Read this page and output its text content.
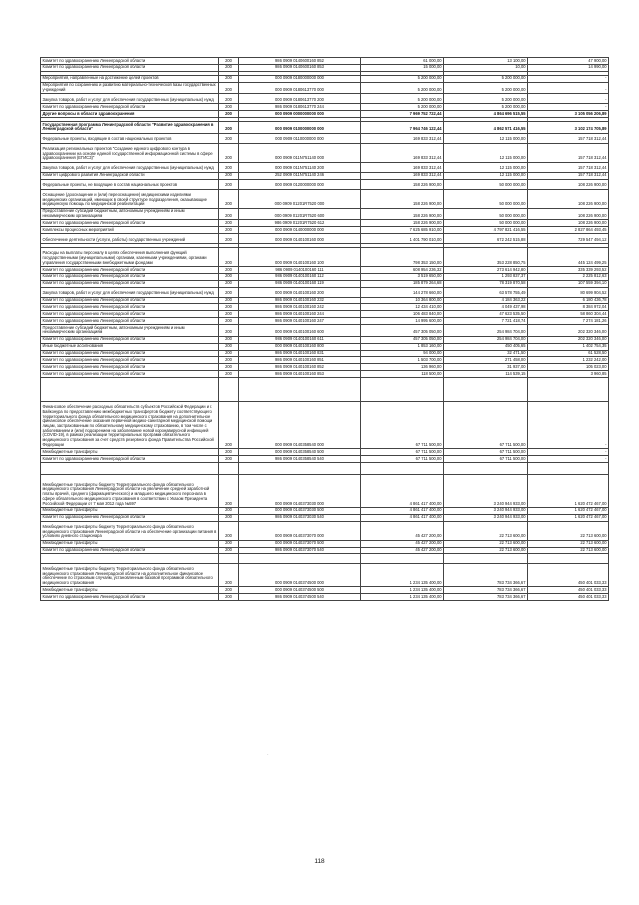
Комитет по здравоохранению Ленинградской области	200	986 0909 0140600160 852	61 000,00	13 100,00	47 900,00
Комитет по здравоохранению Ленинградской области	200	986 0909 0140600160 853	15 000,00	10,00	14 990,00

Мероприятия, направленные на достижение целей проектов	200	000 0909 0180000000 000	5 200 000,00	5 200 000,00	-
Мероприятия по сохранению и развитию материально-технической базы государственных учреждений	200	000 0909 0180613770 000	5 200 000,00	5 200 000,00	-
Закупка товаров, работ и услуг для обеспечения государственных (муниципальных) нужд	200	000 0909 0180613770 200	5 200 000,00	5 200 000,00	-
Комитет по здравоохранению Ленинградской области	200	986 0909 0180613770 244	5 200 000,00	5 200 000,00	-
Другие вопросы в области здравоохранения	200	000 0909 0000000000 000	7 969 752 722,44	4 864 696 515,55	3 105 056 206,89

Государственная программа Ленинградской области "Развитие здравоохранения в Ленинградской области"	200	000 0909 0100000000 000	7 964 746 122,44	4 862 571 416,55	3 102 174 705,89
Федеральные проекты, входящие в состав национальных проектов	200	000 0909 0110000000 000	169 833 312,44	12 115 000,00	157 718 312,44
Реализация региональных проектов "Создание единого цифрового контура в здравоохранении на основе единой государственной информационной системы в сфере здравоохранения (ЕГИСЗ)"	200	000 0909 011N751140 000	169 833 312,44	12 115 000,00	157 718 312,44
Закупка товаров, работ и услуг для обеспечения государственных (муниципальных) нужд	200	000 0909 011N751140 200	169 833 312,44	12 115 000,00	157 718 312,44
Комитет цифрового развития Ленинградской области	200	252 0909 011N751140 246	169 833 312,44	12 115 000,00	157 718 312,44
Федеральные проекты, не входящие в состав национальных проектов	200	000 0909 0120000000 000	158 226 900,00	50 000 000,00	108 226 900,00
Оснащение (дооснащение и (или) переоснащение) медицинскими изделиями медицинских организаций, имеющих в своей структуре подразделения, оказывающие медицинскую помощь по медицинской реабилитации	200	000 0909 01201R7520 000	158 226 900,00	50 000 000,00	108 226 900,00
Предоставление субсидий бюджетным, автономным учреждениям и иным некоммерческим организациям	200	000 0909 01201R7520 600	158 226 900,00	50 000 000,00	108 226 900,00
Комитет по здравоохранению Ленинградской области	200	986 0909 01201R7520 612	158 226 900,00	50 000 000,00	108 226 900,00
Комплексы процессных мероприятий	200	000 0909 0140000000 000	7 625 685 910,00	4 797 821 416,55	2 827 864 493,45
Обеспечение деятельности (услуги, работы) государственных учреждений	200	000 0909 0140100160 000	1 401 790 010,00	672 242 515,88	729 547 494,12

Расходы на выплаты персоналу в целях обеспечения выполнения функций государственными (муниципальными) органами, казенными учреждениями, органами управления государственными внебюджетными фондами	200	000 0909 0140100160 100	798 353 150,00	353 228 850,75	445 124 499,25
Комитет по здравоохранению Ленинградской области	200	986 0909 0140100160 111	608 954 236,32	273 614 942,80	335 339 293,52
Комитет по здравоохранению Ленинградской области	200	986 0909 0140100160 112	3 519 650,00	1 293 837,37	2 225 812,63
Комитет по здравоохранению Ленинградской области	200	986 0909 0140100160 119	185 879 264,68	78 319 870,58	107 559 394,10
Закупка товаров, работ и услуг для обеспечения государственных (муниципальных) нужд	200	000 0909 0140100160 200	144 278 660,00	63 578 755,49	80 699 904,52
Комитет по здравоохранению Ленинградской области	200	986 0909 0140100160 232	10 364 800,00	4 184 363,22	6 180 436,78
Комитет по здравоохранению Ленинградской области	200	986 0909 0140100160 242	12 434 410,00	4 049 437,98	8 384 972,04
Комитет по здравоохранению Ленинградской области	200	986 0909 0140100160 244	106 483 840,00	47 623 535,50	58 860 304,44
Комитет по здравоохранению Ленинградской области	200	986 0909 0140100160 247	14 995 600,00	7 721 418,74	7 274 181,26
Предоставление субсидий бюджетным, автономным учреждениям и иным некоммерческим организациям	200	000 0909 0140100160 600	457 305 050,00	254 984 704,00	202 320 346,00
Комитет по здравоохранению Ленинградской области	200	986 0909 0140100160 611	457 305 050,00	254 984 704,00	202 320 346,00
Иные бюджетные ассигнования	200	000 0909 0140100160 800	1 853 160,00	450 405,65	1 402 754,35
Комитет по здравоохранению Ленинградской области	200	986 0909 0140100160 831	94 000,00	32 471,50	61 528,50
Комитет по здравоохранению Ленинградской области	200	986 0909 0140100160 851	1 503 700,00	271 458,00	1 232 242,00
Комитет по здравоохранению Ленинградской области	200	986 0909 0140100160 852	136 960,00	31 937,00	105 023,00
Комитет по здравоохранению Ленинградской области	200	986 0909 0140100160 853	118 500,00	114 539,15	3 960,85

Финансовое обеспечение расходных обязательств субъектов Российской Федерации и г. Байконура по предоставлению межбюджетных трансфертов бюджету соответствующего территориального фонда обязательного медицинского страхования на дополнительное финансовое обеспечение оказания первичной медико-санитарной медицинской помощи лицам, застрахованным по обязательному медицинскому страхованию, в том числе с заболеванием и (или) подозрением на заболевание новой коронавирусной инфекцией (COVID-19), в рамках реализации территориальных программ обязательного медицинского страхования за счет средств резервного фонда Правительства Российской Федерации	200	000 0909 0140358540 000	67 711 500,00	67 711 500,00	-
Межбюджетные трансферты	200	000 0909 0140358540 500	67 711 500,00	67 711 500,00	-
Комитет по здравоохранению Ленинградской области	200	986 0909 0140358540 540	67 711 500,00	67 711 500,00	-

Межбюджетные трансферты бюджету Территориального фонда обязательного медицинского страхования Ленинградской области на увеличение средней заработной платы врачей, среднего (фармацевтического) и младшего медицинского персонала в сфере обязательного медицинского страхования в соответствии с Указом Президента Российской Федерации от 7 мая 2012 года №597	200	000 0909 0140373030 000	4 861 417 400,00	3 240 944 933,00	1 620 472 467,00
Межбюджетные трансферты	200	000 0909 0140373030 500	4 861 417 400,00	3 240 944 933,00	1 620 472 467,00
Комитет по здравоохранению Ленинградской области	200	986 0909 0140373030 540	4 861 417 400,00	3 240 944 933,00	1 620 472 467,00
Межбюджетные трансферты бюджету Территориального фонда обязательного медицинского страхования Ленинградской области на обеспечение организации питания в условиях дневного стационара	200	000 0909 0140373070 000	45 427 200,00	22 713 600,00	22 713 600,00
Межбюджетные трансферты	200	000 0909 0140373070 500	45 427 200,00	22 713 600,00	22 713 600,00
Комитет по здравоохранению Ленинградской области	200	986 0909 0140373070 540	45 427 200,00	22 713 600,00	22 713 600,00

Межбюджетные трансферты бюджету Территориального фонда обязательного медицинского страхования Ленинградской области на дополнительное финансовое обеспечение по страховым случаям, установленным базовой программой обязательного медицинского страхования	200	000 0909 0140374500 000	1 234 135 400,00	783 734 366,67	450 401 033,33
Межбюджетные трансферты	200	000 0909 0140374500 500	1 234 135 400,00	783 734 366,67	450 401 033,33
Комитет по здравоохранению Ленинградской области	200	986 0909 0140374500 540	1 234 135 400,00	783 734 366,67	450 401 033,33
·
118
